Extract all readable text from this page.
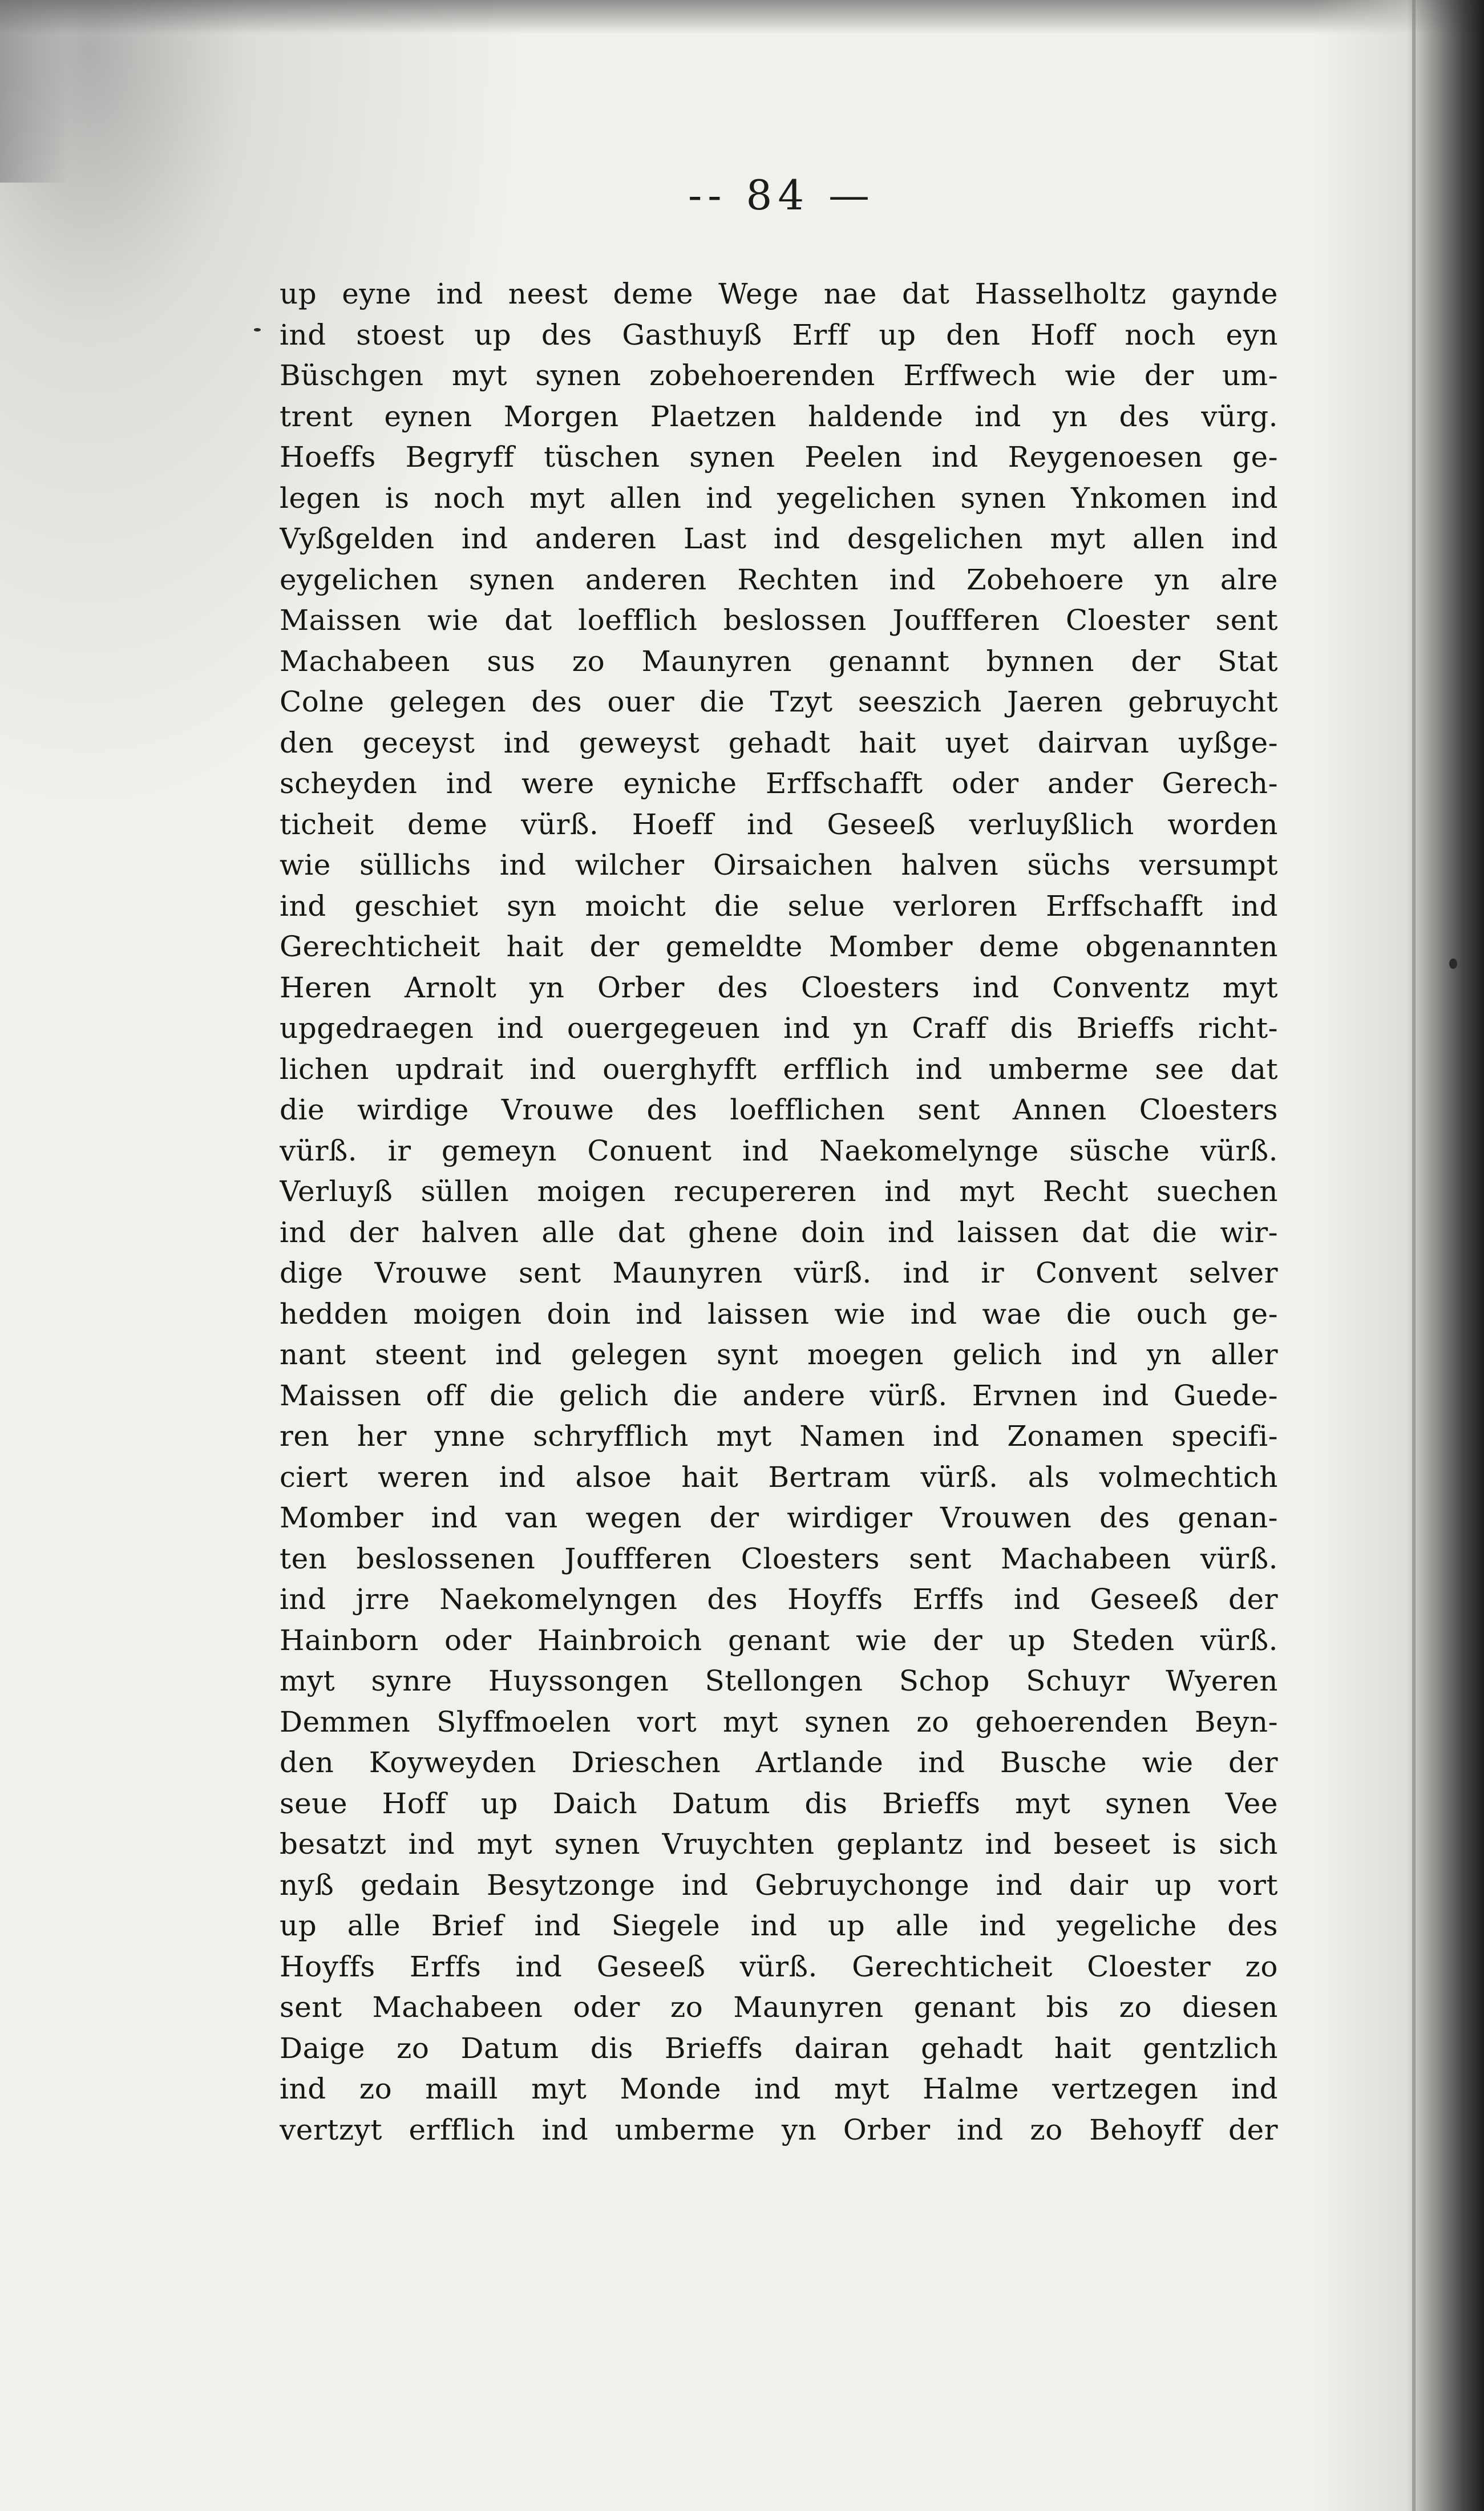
-- 84 —
up eyne ind neest deme Wege nae dat Hasselholtz gaynde
ind stoest up des Gasthuyß Erff up den Hoff noch eyn
Büschgen myt synen zobehoerenden Erffwech wie der um-
trent eynen Morgen Plaetzen haldende ind yn des vürg.
Hoeffs Begryff tüschen synen Peelen ind Reygenoesen ge-
legen is noch myt allen ind yegelichen synen Ynkomen ind
Vyßgelden ind anderen Last ind desgelichen myt allen ind
eygelichen synen anderen Rechten ind Zobehoere yn alre
Maissen wie dat loefflich beslossen Jouffferen Cloester sent
Machabeen sus zo Maunyren genannt bynnen der Stat
Colne gelegen des ouer die Tzyt seeszich Jaeren gebruycht
den geceyst ind geweyst gehadt hait uyet dairvan uyßge-
scheyden ind were eyniche Erffschafft oder ander Gerech-
ticheit deme vürß. Hoeff ind Geseeß verluyßlich worden
wie süllichs ind wilcher Oirsaichen halven süchs versumpt
ind geschiet syn moicht die selue verloren Erffschafft ind
Gerechticheit hait der gemeldte Momber deme obgenannten
Heren Arnolt yn Orber des Cloesters ind Conventz myt
upgedraegen ind ouergegeuen ind yn Craff dis Brieffs richt-
lichen updrait ind ouerghyfft erfflich ind umberme see dat
die wirdige Vrouwe des loefflichen sent Annen Cloesters
vürß. ir gemeyn Conuent ind Naekomelynge süsche vürß.
Verluyß süllen moigen recupereren ind myt Recht suechen
ind der halven alle dat ghene doin ind laissen dat die wir-
dige Vrouwe sent Maunyren vürß. ind ir Convent selver
hedden moigen doin ind laissen wie ind wae die ouch ge-
nant steent ind gelegen synt moegen gelich ind yn aller
Maissen off die gelich die andere vürß. Ervnen ind Guede-
ren her ynne schryfflich myt Namen ind Zonamen specifi-
ciert weren ind alsoe hait Bertram vürß. als volmechtich
Momber ind van wegen der wirdiger Vrouwen des genan-
ten beslossenen Jouffferen Cloesters sent Machabeen vürß.
ind jrre Naekomelyngen des Hoyffs Erffs ind Geseeß der
Hainborn oder Hainbroich genant wie der up Steden vürß.
myt synre Huyssongen Stellongen Schop Schuyr Wyeren
Demmen Slyffmoelen vort myt synen zo gehoerenden Beyn-
den Koyweyden Drieschen Artlande ind Busche wie der
seue Hoff up Daich Datum dis Brieffs myt synen Vee
besatzt ind myt synen Vruychten geplantz ind beseet is sich
nyß gedain Besytzonge ind Gebruychonge ind dair up vort
up alle Brief ind Siegele ind up alle ind yegeliche des
Hoyffs Erffs ind Geseeß vürß. Gerechticheit Cloester zo
sent Machabeen oder zo Maunyren genant bis zo diesen
Daige zo Datum dis Brieffs dairan gehadt hait gentzlich
ind zo maill myt Monde ind myt Halme vertzegen ind
vertzyt erfflich ind umberme yn Orber ind zo Behoyff der
